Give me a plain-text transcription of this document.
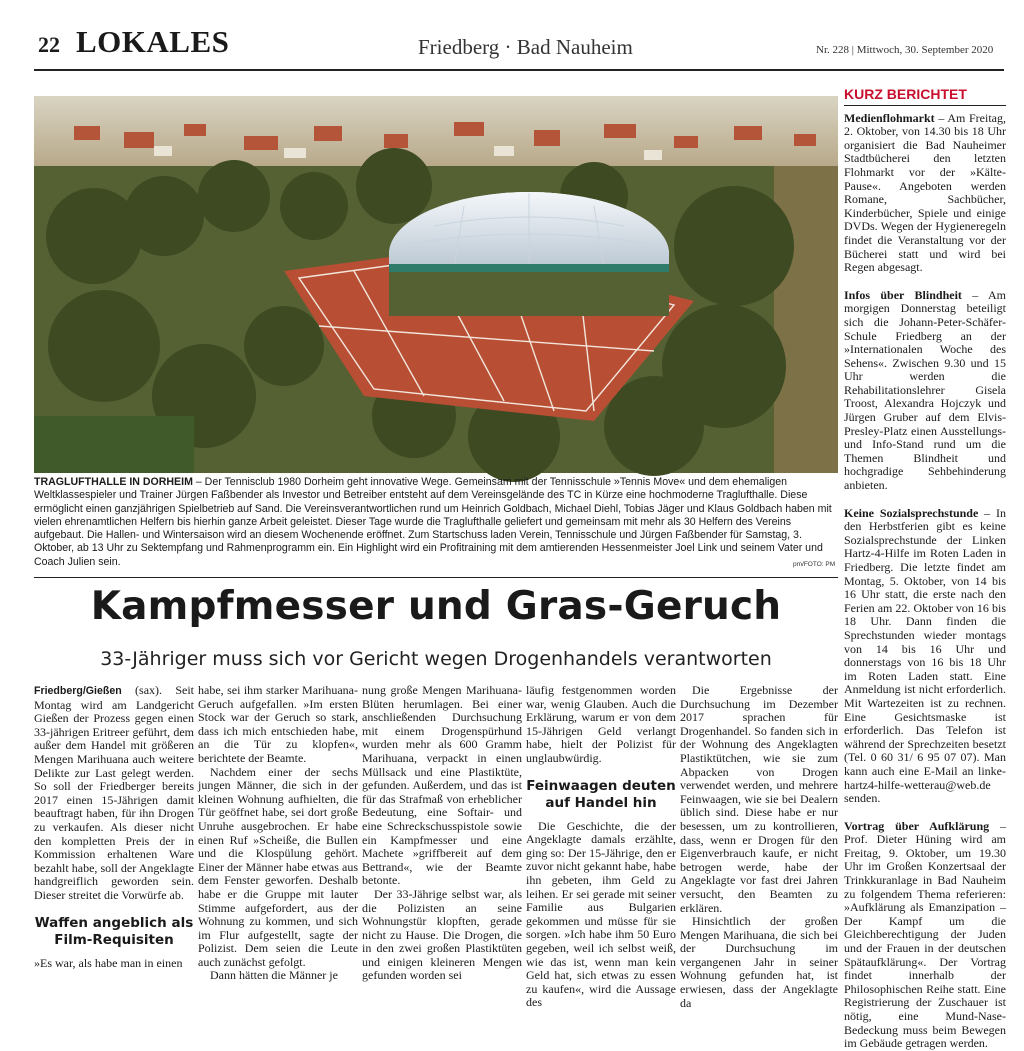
22 LOKALES	Friedberg · Bad Nauheim	Nr. 228 | Mittwoch, 30. September 2020
TRAGLUFTHALLE IN DORHEIM – Der Tennisclub 1980 Dorheim geht innovative Wege. Gemeinsam mit der Tennisschule »Tennis Move« und dem ehemaligen Weltklassespieler und Trainer Jürgen Faßbender als Investor und Betreiber entsteht auf dem Vereinsgelände des TC in Kürze eine hochmoderne Traglufthalle. Diese ermöglicht einen ganzjährigen Spielbetrieb auf Sand. Die Vereinsverantwortlichen rund um Heinrich Goldbach, Michael Diehl, Tobias Jäger und Klaus Goldbach haben mit vielen ehrenamtlichen Helfern bis hierhin ganze Arbeit geleistet. Dieser Tage wurde die Traglufthalle geliefert und gemeinsam mit mehr als 30 Helfern des Vereins aufgebaut. Die Hallen- und Wintersaison wird an diesem Wochenende eröffnet. Zum Startschuss laden Verein, Tennisschule und Jürgen Faßbender für Samstag, 3. Oktober, ab 13 Uhr zu Sektempfang und Rahmenprogramm ein. Ein Highlight wird ein Profitraining mit dem amtierenden Hessenmeister Joel Link und seinem Vater und Coach Julien sein.	pm/FOTO: PM
Kampfmesser und Gras-Geruch
33-Jähriger muss sich vor Gericht wegen Drogenhandels verantworten

Friedberg/Gießen (sax). Seit Montag wird am Landgericht Gießen der Prozess gegen einen 33-jährigen Eritreer geführt, dem außer dem Handel mit größeren Mengen Marihuana auch weitere Delikte zur Last gelegt werden. So soll der Friedberger bereits 2017 einen 15-Jährigen damit beauftragt haben, für ihn Drogen zu verkaufen. Als dieser nicht den kompletten Preis der in Kommission erhaltenen Ware bezahlt habe, soll der Angeklagte handgreiflich geworden sein. Dieser streitet die Vorwürfe ab.

Waffen angeblich als Film-Requisiten

»Es war, als habe man in einen

habe, sei ihm starker Marihuana-Geruch aufgefallen. »Im ersten Stock war der Geruch so stark, dass ich mich entschieden habe, an die Tür zu klopfen«, berichtete der Beamte.

Nachdem einer der sechs jungen Männer, die sich in der kleinen Wohnung aufhielten, die Tür geöffnet habe, sei dort große Unruhe ausgebrochen. Er habe einen Ruf »Scheiße, die Bullen und die Klospülung gehört. Einer der Männer habe etwas aus dem Fenster geworfen. Deshalb habe er die Gruppe mit lauter Stimme aufgefordert, aus der Wohnung zu kommen, und sich im Flur aufgestellt, sagte der Polizist. Dem seien die Leute auch zunächst gefolgt.

Dann hätten die Männer je

nung große Mengen Marihuana-Blüten herumlagen. Bei einer anschließenden Durchsuchung mit einem Drogenspürhund wurden mehr als 600 Gramm Marihuana, verpackt in einen Müllsack und eine Plastiktüte, gefunden. Außerdem, und das ist für das Strafmaß von erheblicher Bedeutung, eine Softair- und eine Schreckschusspistole sowie ein Kampfmesser und eine Machete »griffbereit auf dem Bettrand«, wie der Beamte betonte.

Der 33-Jährige selbst war, als die Polizisten an seine Wohnungstür klopften, gerade nicht zu Hause. Die Drogen, die in den zwei großen Plastiktüten und einigen kleineren Mengen gefunden worden sei

läufig festgenommen worden war, wenig Glauben. Auch die Erklärung, warum er von dem 15-Jährigen Geld verlangt habe, hielt der Polizist für unglaubwürdig.

Feinwaagen deuten auf Handel hin

Die Geschichte, die der Angeklagte damals erzählte, ging so: Der 15-Jährige, den er zuvor nicht gekannt habe, habe ihn gebeten, ihm Geld zu leihen. Er sei gerade mit seiner Familie aus Bulgarien gekommen und müsse für sie sorgen. »Ich habe ihm 50 Euro gegeben, weil ich selbst weiß, wie das ist, wenn man kein Geld hat, sich etwas zu essen zu kaufen«, wird die Aussage des

Die Ergebnisse der Durchsuchung im Dezember 2017 sprachen für Drogenhandel. So fanden sich in der Wohnung des Angeklagten Plastiktütchen, wie sie zum Abpacken von Drogen verwendet werden, und mehrere Feinwaagen, wie sie bei Dealern üblich sind. Diese habe er nur besessen, um zu kontrollieren, dass, wenn er Drogen für den Eigenverbrauch kaufe, er nicht betrogen werde, habe der Angeklagte vor fast drei Jahren versucht, den Beamten zu erklären.

Hinsichtlich der großen Mengen Marihuana, die sich bei der Durchsuchung im vergangenen Jahr in seiner Wohnung gefunden hat, ist erwiesen, dass der Angeklagte da

KURZ BERICHTET

Medienflohmarkt – Am Freitag, 2. Oktober, von 14.30 bis 18 Uhr organisiert die Bad Nauheimer Stadtbücherei den letzten Flohmarkt vor der »Kälte-Pause«. Angeboten werden Romane, Sachbücher, Kinderbücher, Spiele und einige DVDs. Wegen der Hygieneregeln findet die Veranstaltung vor der Bücherei statt und wird bei Regen abgesagt.

Infos über Blindheit – Am morgigen Donnerstag beteiligt sich die Johann-Peter-Schäfer-Schule Friedberg an der »Internationalen Woche des Sehens«. Zwischen 9.30 und 15 Uhr werden die Rehabilitationslehrer Gisela Troost, Alexandra Hojczyk und Jürgen Gruber auf dem Elvis-Presley-Platz einen Ausstellungs- und Info-Stand rund um die Themen Blindheit und hochgradige Sehbehinderung anbieten.

Keine Sozialsprechstunde – In den Herbstferien gibt es keine Sozialsprechstunde der Linken Hartz-4-Hilfe im Roten Laden in Friedberg. Die letzte findet am Montag, 5. Oktober, von 14 bis 16 Uhr statt, die erste nach den Ferien am 22. Oktober von 16 bis 18 Uhr. Dann finden die Sprechstunden wieder montags von 14 bis 16 Uhr und donnerstags von 16 bis 18 Uhr im Roten Laden statt. Eine Anmeldung ist nicht erforderlich. Mit Wartezeiten ist zu rechnen. Eine Gesichtsmaske ist erforderlich. Das Telefon ist während der Sprechzeiten besetzt (Tel. 0 60 31/ 6 95 07 07). Man kann auch eine E-Mail an linke-hartz4-hilfe-wetterau@web.de senden.

Vortrag über Aufklärung – Prof. Dieter Hüning wird am Freitag, 9. Oktober, um 19.30 Uhr im Großen Konzertsaal der Trinkkuranlage in Bad Nauheim zu folgendem Thema referieren: »Aufklärung als Emanzipation – Der Kampf um die Gleichberechtigung der Juden und der Frauen in der deutschen Spätaufklärung«. Der Vortrag findet innerhalb der Philosophischen Reihe statt. Eine Registrierung der Zuschauer ist nötig, eine Mund-Nase-Bedeckung muss beim Bewegen im Gebäude getragen werden.
